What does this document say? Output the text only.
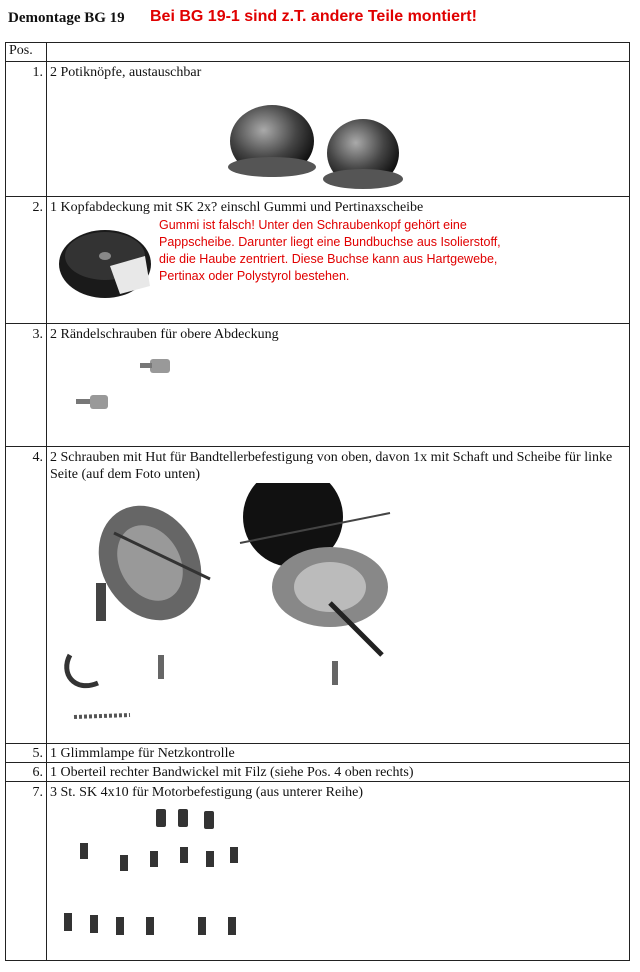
Demontage BG 19 Bei BG 19-1 sind z.T. andere Teile montiert!
Pos.	

1.	2 Potiknöpfe, austauschbar

2.	1 Kopfabdeckung mit SK 2x? einschl Gummi und Pertinaxscheibe
Gummi ist falsch! Unter den Schraubenkopf gehört eine
Pappscheibe. Darunter liegt eine Bundbuchse aus Isolierstoff,
die die Haube zentriert. Diese Buchse kann aus Hartgewebe,
Pertinax oder Polystyrol bestehen.

3.	2 Rändelschrauben für obere Abdeckung

4.	2 Schrauben mit Hut für Bandtellerbefestigung von oben, davon 1x mit Schaft und Scheibe für linke Seite (auf dem Foto unten)

5.	1 Glimmlampe für Netzkontrolle

6.	1 Oberteil rechter Bandwickel mit Filz (siehe Pos. 4 oben rechts)

7.	3 St. SK 4x10 für Motorbefestigung (aus unterer Reihe)
